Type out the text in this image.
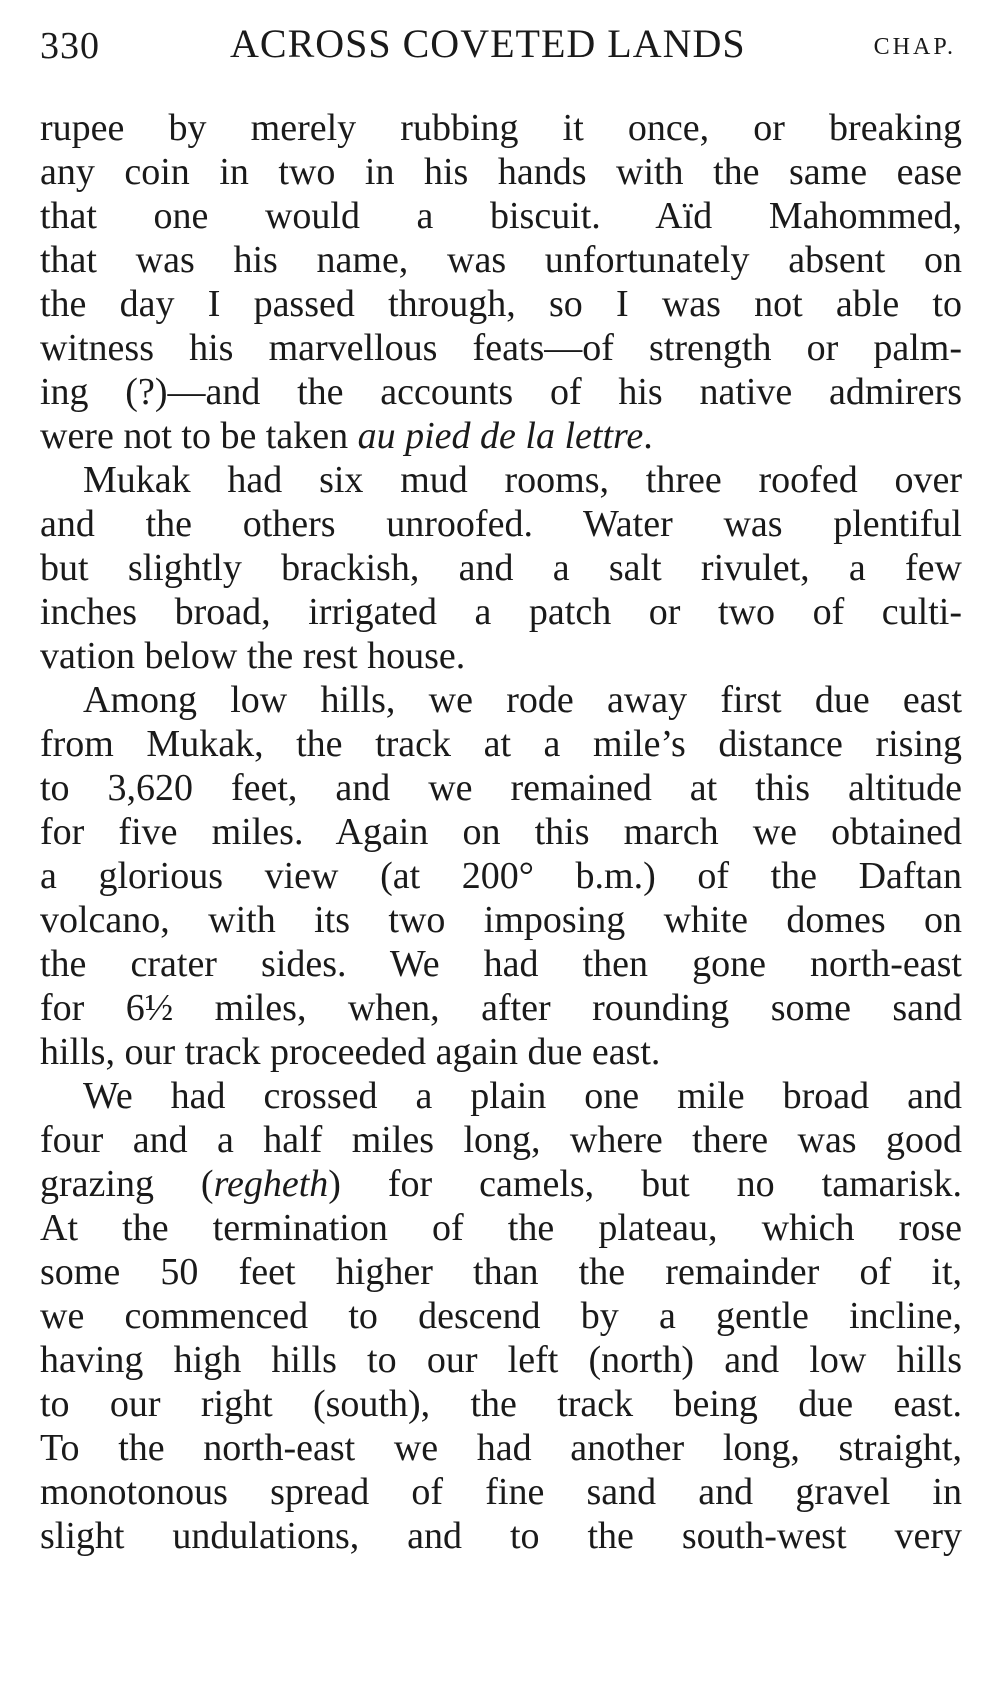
330	ACROSS COVETED LANDS	CHAP.
rupee by merely rubbing it once, or breaking
any coin in two in his hands with the same ease
that one would a biscuit. Aïd Mahommed,
that was his name, was unfortunately absent on
the day I passed through, so I was not able to
witness his marvellous feats—of strength or palm-
ing (?)—and the accounts of his native admirers
were not to be taken au pied de la lettre.
Mukak had six mud rooms, three roofed over
and the others unroofed. Water was plentiful
but slightly brackish, and a salt rivulet, a few
inches broad, irrigated a patch or two of culti-
vation below the rest house.
Among low hills, we rode away first due east
from Mukak, the track at a mile’s distance rising
to 3,620 feet, and we remained at this altitude
for five miles. Again on this march we obtained
a glorious view (at 200° b.m.) of the Daftan
volcano, with its two imposing white domes on
the crater sides. We had then gone north-east
for 6½ miles, when, after rounding some sand
hills, our track proceeded again due east.
We had crossed a plain one mile broad and
four and a half miles long, where there was good
grazing (regheth) for camels, but no tamarisk.
At the termination of the plateau, which rose
some 50 feet higher than the remainder of it,
we commenced to descend by a gentle incline,
having high hills to our left (north) and low hills
to our right (south), the track being due east.
To the north-east we had another long, straight,
monotonous spread of fine sand and gravel in
slight undulations, and to the south-west very
